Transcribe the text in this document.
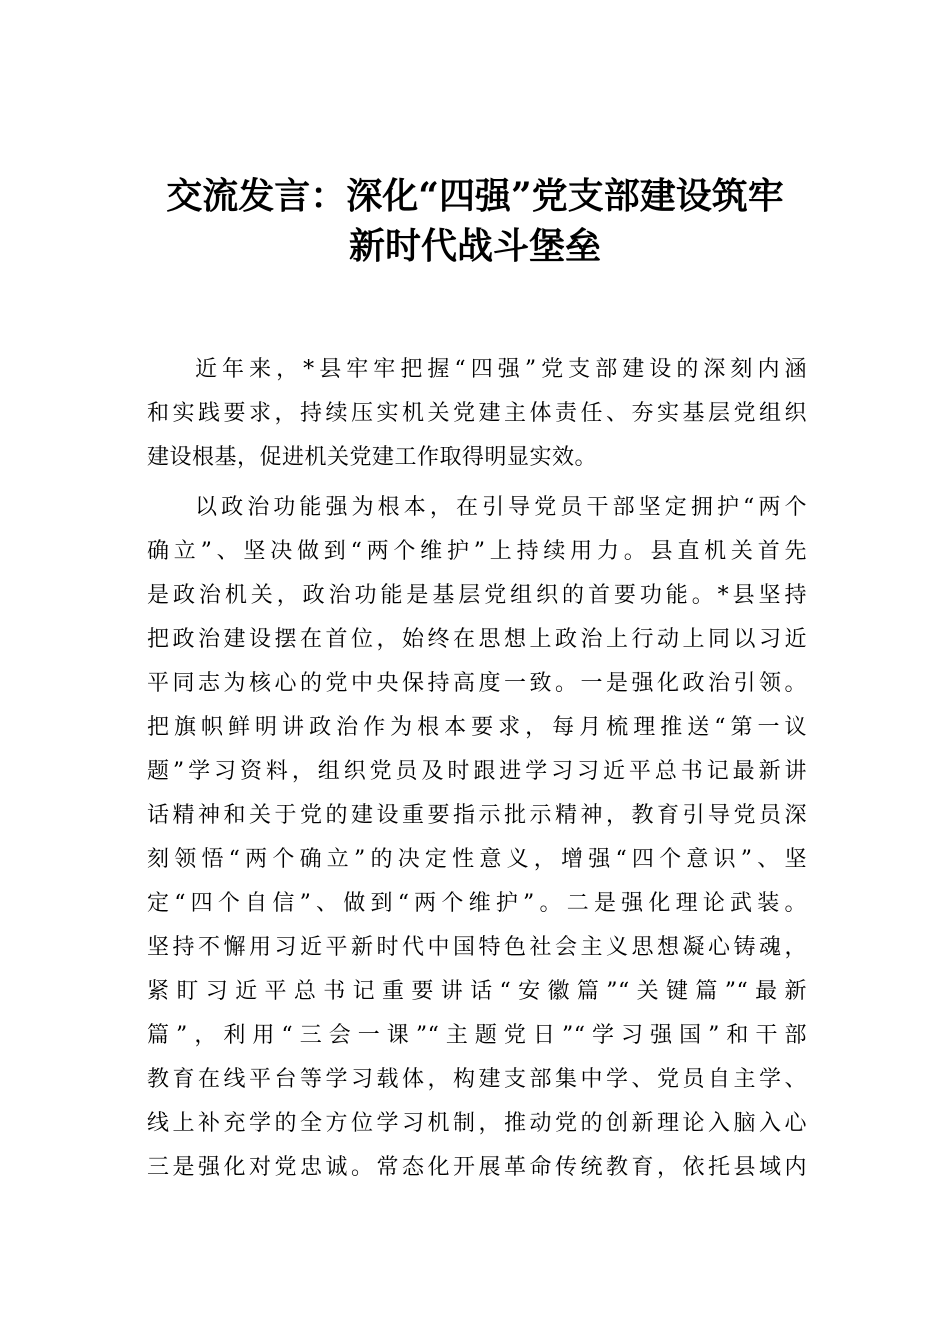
交流发言：深化“四强”党支部建设筑牢
新时代战斗堡垒

近年来，*县牢牢把握“四强”党支部建设的深刻内涵

和实践要求，持续压实机关党建主体责任、夯实基层党组织

建设根基，促进机关党建工作取得明显实效。

以政治功能强为根本，在引导党员干部坚定拥护“两个

确立”、坚决做到“两个维护”上持续用力。县直机关首先

是政治机关，政治功能是基层党组织的首要功能。*县坚持

把政治建设摆在首位，始终在思想上政治上行动上同以习近

平同志为核心的党中央保持高度一致。一是强化政治引领。

把旗帜鲜明讲政治作为根本要求，每月梳理推送“第一议

题”学习资料，组织党员及时跟进学习习近平总书记最新讲

话精神和关于党的建设重要指示批示精神，教育引导党员深

刻领悟“两个确立”的决定性意义，增强“四个意识”、坚

定“四个自信”、做到“两个维护”。二是强化理论武装。

坚持不懈用习近平新时代中国特色社会主义思想凝心铸魂，

紧盯习近平总书记重要讲话“安徽篇”“关键篇”“最新

篇”，利用“三会一课”“主题党日”“学习强国”和干部

教育在线平台等学习载体，构建支部集中学、党员自主学、

线上补充学的全方位学习机制，推动党的创新理论入脑入心

三是强化对党忠诚。常态化开展革命传统教育，依托县域内
